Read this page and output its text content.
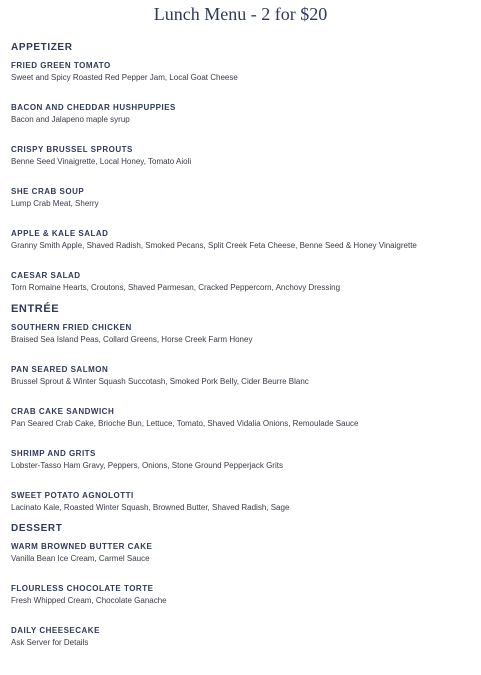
Lunch Menu - 2 for $20
APPETIZER
FRIED GREEN TOMATO
Sweet and Spicy Roasted Red Pepper Jam, Local Goat Cheese
BACON AND CHEDDAR HUSHPUPPIES
Bacon and Jalapeno maple syrup
CRISPY BRUSSEL SPROUTS
Benne Seed Vinaigrette, Local Honey, Tomato Aioli
SHE CRAB SOUP
Lump Crab Meat, Sherry
APPLE & KALE SALAD
Granny Smith Apple, Shaved Radish, Smoked Pecans, Split Creek Feta Cheese, Benne Seed & Honey Vinaigrette
CAESAR SALAD
Torn Romaine Hearts, Croutons, Shaved Parmesan, Cracked Peppercorn, Anchovy Dressing
ENTRÉE
SOUTHERN FRIED CHICKEN
Braised Sea Island Peas, Collard Greens, Horse Creek Farm Honey
PAN SEARED SALMON
Brussel Sprout & Winter Squash Succotash, Smoked Pork Belly, Cider Beurre Blanc
CRAB CAKE SANDWICH
Pan Seared Crab Cake, Brioche Bun, Lettuce, Tomato, Shaved Vidalia Onions, Remoulade Sauce
SHRIMP AND GRITS
Lobster-Tasso Ham Gravy, Peppers, Onions, Stone Ground Pepperjack Grits
SWEET POTATO AGNOLOTTI
Lacinato Kale, Roasted Winter Squash, Browned Butter, Shaved Radish, Sage
DESSERT
WARM BROWNED BUTTER CAKE
Vanilla Bean Ice Cream, Carmel Sauce
FLOURLESS CHOCOLATE TORTE
Fresh Whipped Cream, Chocolate Ganache
DAILY CHEESECAKE
Ask Server for Details
